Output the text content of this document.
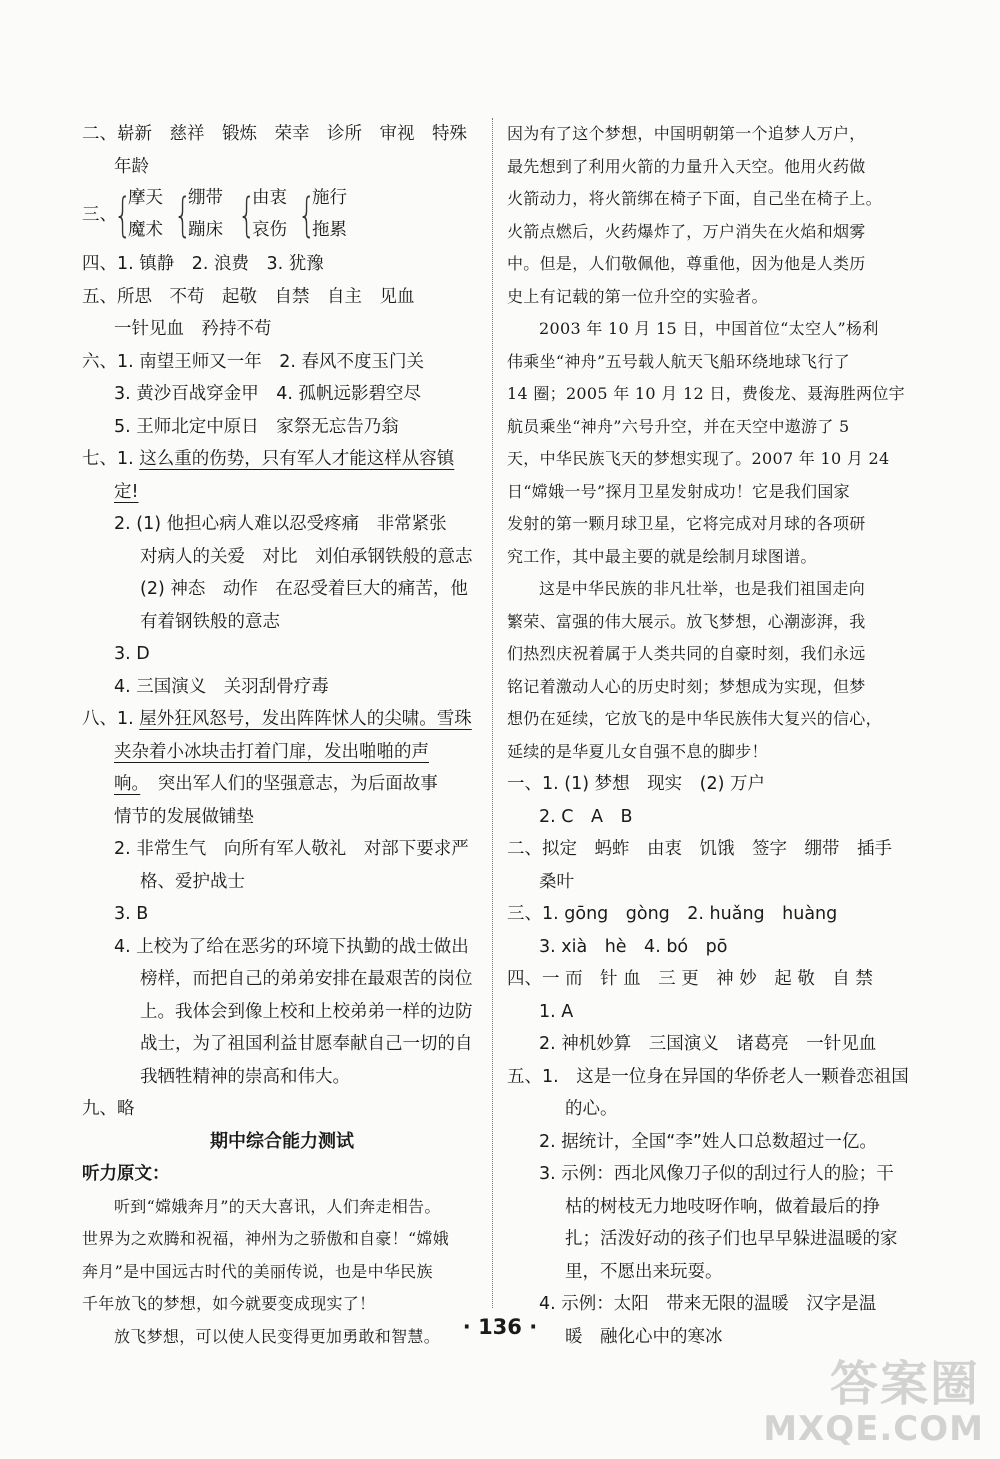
二、崭新　慈祥　锻炼　荣幸　诊所　审视　特殊
年龄
三、
{
摩天
魔术 {
绷带
蹦床 {
由衷
哀伤 {
施行
拖累
四、1. 镇静　2. 浪费　3. 犹豫
五、所思　不苟　起敬　自禁　自主　见血
一针见血　矜持不苟
六、1. 南望王师又一年　2. 春风不度玉门关
3. 黄沙百战穿金甲　4. 孤帆远影碧空尽
5. 王师北定中原日　家祭无忘告乃翁
七、1. 这么重的伤势，只有军人才能这样从容镇
定!
2. (1) 他担心病人难以忍受疼痛　非常紧张
对病人的关爱　对比　刘伯承钢铁般的意志
(2) 神态　动作　在忍受着巨大的痛苦，他
有着钢铁般的意志
3. D
4. 三国演义　关羽刮骨疗毒
八、1. 屋外狂风怒号，发出阵阵怵人的尖啸。雪珠
夹杂着小冰块击打着门扉，发出啪啪的声
响。　突出军人们的坚强意志，为后面故事
情节的发展做铺垫
2. 非常生气　向所有军人敬礼　对部下要求严
格、爱护战士
3. B
4. 上校为了给在恶劣的环境下执勤的战士做出
榜样，而把自己的弟弟安排在最艰苦的岗位
上。我体会到像上校和上校弟弟一样的边防
战士，为了祖国利益甘愿奉献自己一切的自
我牺牲精神的崇高和伟大。
九、略
期中综合能力测试
听力原文：
听到“嫦娥奔月”的天大喜讯，人们奔走相告。
世界为之欢腾和祝福，神州为之骄傲和自豪！“嫦娥
奔月”是中国远古时代的美丽传说，也是中华民族
千年放飞的梦想，如今就要变成现实了！
放飞梦想，可以使人民变得更加勇敢和智慧。
因为有了这个梦想，中国明朝第一个追梦人万户，
最先想到了利用火箭的力量升入天空。他用火药做
火箭动力，将火箭绑在椅子下面，自己坐在椅子上。
火箭点燃后，火药爆炸了，万户消失在火焰和烟雾
中。但是，人们敬佩他，尊重他，因为他是人类历
史上有记载的第一位升空的实验者。
2003 年 10 月 15 日，中国首位“太空人”杨利
伟乘坐“神舟”五号载人航天飞船环绕地球飞行了
14 圈；2005 年 10 月 12 日，费俊龙、聂海胜两位宇
航员乘坐“神舟”六号升空，并在天空中遨游了 5
天，中华民族飞天的梦想实现了。2007 年 10 月 24
日“嫦娥一号”探月卫星发射成功！它是我们国家
发射的第一颗月球卫星，它将完成对月球的各项研
究工作，其中最主要的就是绘制月球图谱。
这是中华民族的非凡壮举，也是我们祖国走向
繁荣、富强的伟大展示。放飞梦想，心潮澎湃，我
们热烈庆祝着属于人类共同的自豪时刻，我们永远
铭记着激动人心的历史时刻；梦想成为实现，但梦
想仍在延续，它放飞的是中华民族伟大复兴的信心，
延续的是华夏儿女自强不息的脚步！
一、1. (1) 梦想　现实　(2) 万户
2. C　A　B
二、拟定　蚂蚱　由衷　饥饿　签字　绷带　插手
桑叶
三、1. gōng　gòng　2. huǎng　huàng
3. xià　hè　4. bó　pō
四、一 而　针 血　三 更　神 妙　起 敬　自 禁
1. A
2. 神机妙算　三国演义　诸葛亮　一针见血
五、1.　这是一位身在异国的华侨老人一颗眷恋祖国
的心。
2. 据统计，全国“李”姓人口总数超过一亿。
3. 示例：西北风像刀子似的刮过行人的脸；干
枯的树枝无力地吱呀作响，做着最后的挣
扎；活泼好动的孩子们也早早躲进温暖的家
里，不愿出来玩耍。
4. 示例：太阳　带来无限的温暖　汉字是温
暖　融化心中的寒冰
· 136 ·
答案圈
MXQE.COM
